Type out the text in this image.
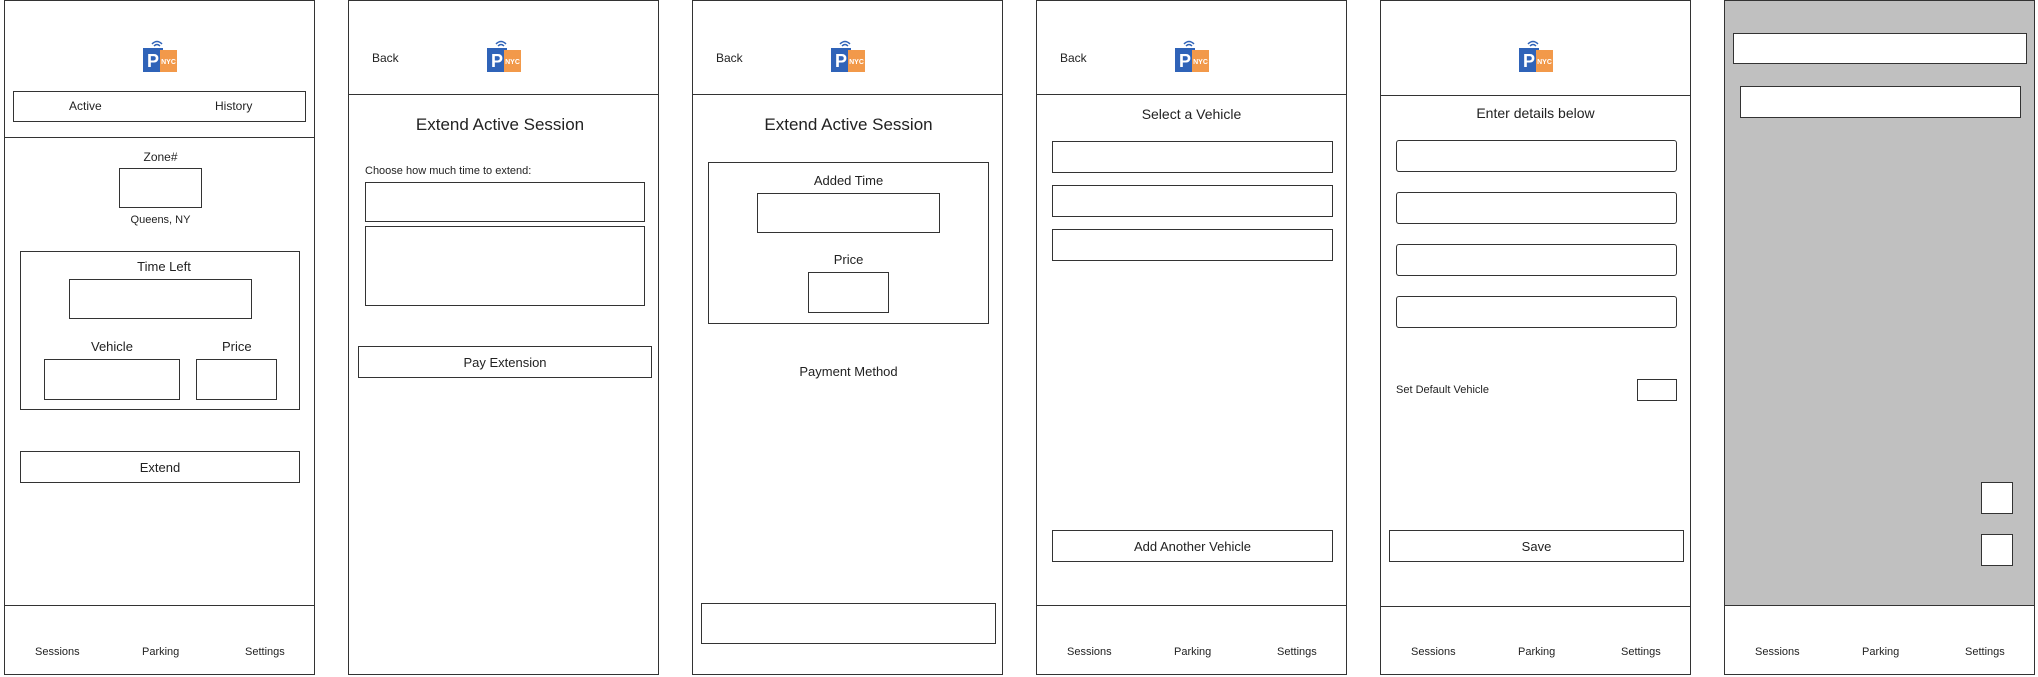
P NYC
Active	History
Zone#
Queens, NY
Time Left
Vehicle	Price
Extend
Sessions	Parking	Settings
Back	P NYC
Extend Active Session
Choose how much time to extend:
Pay Extension
Back	P NYC
Extend Active Session
Added Time
Price
Payment Method
Back	P NYC
Select a Vehicle
Add Another Vehicle
Sessions	Parking	Settings
P NYC
Enter details below
Set Default Vehicle
Save
Sessions	Parking	Settings	Sessions	Parking	Settings
